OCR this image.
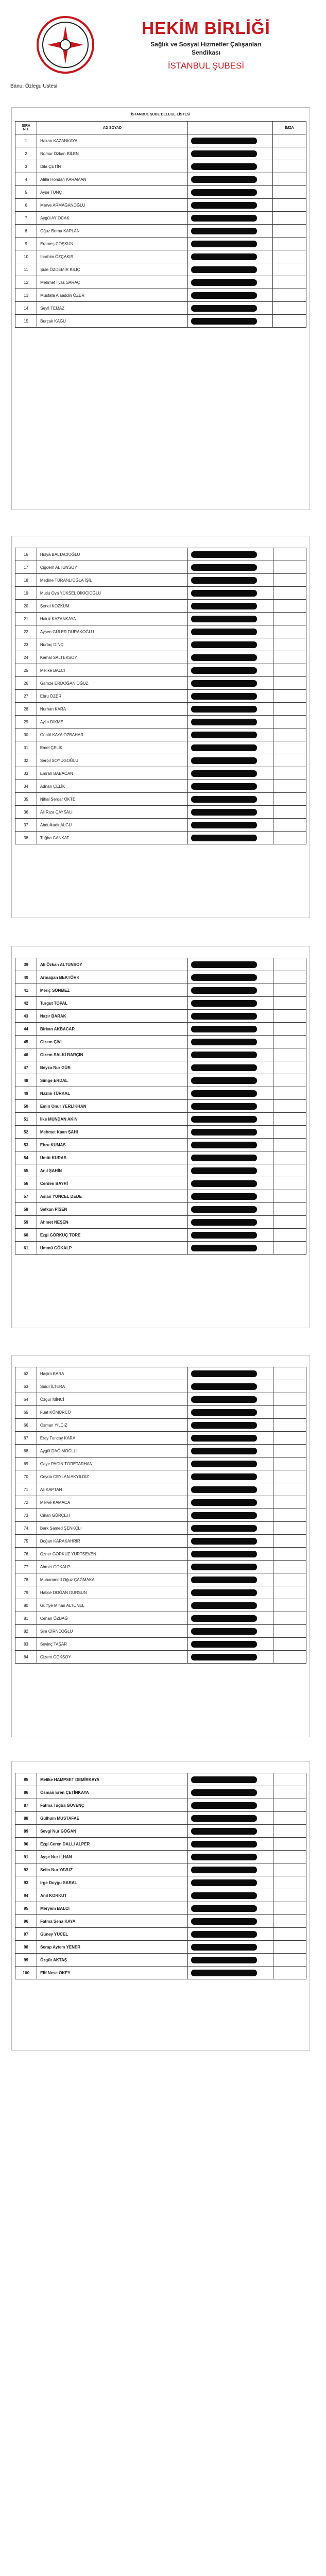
HEKİM BİRLİĞİ
Sağlık ve Sosyal Hizmetler Çalışanları
Sendikası
İSTANBUL ŞUBESİ
Banu: Özlegu Ustesi
İSTANBUL ŞUBE DELEGE LİSTESİ
SIRA NO.	AD SOYAD		İMZA
1	Hakan KAZANKAYA		
2	Nomur Özkan BİLEN		
3	Dila ÇETİN		
4	Atilla Hondan KARAMAN		
5	Ayşe TUNÇ		
6	Merve ARMAĞANOĞLU		
7	Aygül AY OCAK		
8	Oğuz Berna KAPLAN		
9	Erameş COŞKUN		
10	İbrahim ÖZÇAKIR		
11	Şule ÖZDEMİR KILIÇ		
12	Mehmet İlyas SARAÇ		
13	Mustafa Alaaddin ÖZER		
14	Seyfi̇ TEMAZ		
15	Burçak KAĞU		
16	Hülya BALTACIOĞLU		
17	Çiğdem ALTUNSOY		
18	Medine TURANLIOĞLA İŞİL		
19	Mutlu Oya YÜKSEL DİKİCİOĞLU		
20	Şenol KOZKUM		
21	Haluk KAZANKAYA		
22	Ayşen GÜLER DURAKOĞLU		
23	Nurtaç DİNÇ		
24	Kemal SALTEKSOY		
25	Melike BALCI		
26	Gamze ERDOĞAN OĞUZ		
27	Ebru ÖZER		
28	Nurhan KARA		
29	Aylin DİKME		
30	Gönül KAYA ÖZBAHAR		
31	Emel ÇELİK		
32	Serpil SOYUGOĞLU		
33	Emrah BABACAN		
34	Adnan ÇELİK		
35	Nihal Serdar ÖKTE		
36	Ali Rıza ÇAYSALI		
37	Abdulkadir ALGÜ		
38	Tuğba CANKAT		
39	Ali Özkan ALTUNSOY		
40	Armağan BEKTÖRK		
41	Meriç SÖNMEZ		
42	Turgut TOPAL		
43	Nazır BARAK		
44	Birkan AKBACAR		
45	Gizem ÇİVİ		
46	Gizem SALKİ BARÇIN		
47	Beyza Nur GÜR		
48	Simge ERDAL		
49	Nazlıe TÜRKAL		
50	Emin Onur YERLİKHAN		
51	İlke MUNDAN AKIN		
52	Mehmet Kaan ŞAHİ		
53	Ebru KUMAS		
54	Ümüt KURAS		
55	Anıl ŞAHİN		
56	Cerden BAYRİ		
57	Aslan YUNCEL DEDE		
58	Sefkan PİŞEN		
59	Ahmet NEŞEN		
60	Ezgi GÖRKÜÇ TORE		
61	Ümmü GÖKALP		
62	Haşim KARA		
63	Sıddı İLTERA		
64	Özgür MİNCİ		
65	Fuat KÖMÜRCÜ		
66	Osman YILDIZ		
67	Eray Tuncay KARA		
68	Aygül DAĞIMOĞLU		
69	Gaye PAÇİN TÖRETARHAN		
70	Ceyda CEYLAN AKYILDIZ		
71	Ali KAPTAN		
72	Merve KAMACA		
73	Cihan GÜRÇEH		
74	Berk Samed ŞENKÇLI		
75	Doğan KARAKAHRİR		
76	Özner GÖRKÜZ YURTSEVEN		
77	Ahmet GÖKALP		
78	Muhammed Oğuz ÇAĞMAKA		
79	Hatice DOĞAN DURSUN		
80	Gülfiye Mihan ALTUNEL		
81	Cenan ÖZBAĞ		
82	Sim CİRNEOĞLU		
83	Sevinç TAŞAR		
84	Gizem GÖKSOY		
85	Melike HAMPSET DEMİRKAYA		
86	Osman Eren ÇETİNKAYA		
87	Fatma Tuğba GÜVENÇ		
88	Gülhum MUSTAFAE		
89	Sevgi Nur GÖĞAN		
90	Ezgi Ceren DALLI ALPER		
91	Ayşe Nur İLHAN		
92	Selin Nur YAVUZ		
93	Irge Duygu SARAL		
94	Anıl KORKUT		
95	Meryem BALCI		
96	Fatma Sena KAYA		
97	Güney YÜCEL		
98	Serap Aytem YENER		
99	Özgür AKTAŞ		
100	Elif Nese ÖKEY		
